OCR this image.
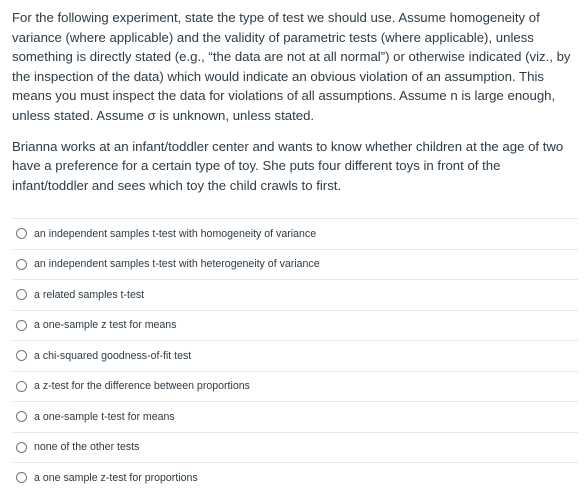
For the following experiment, state the type of test we should use. Assume homogeneity of variance (where applicable) and the validity of parametric tests (where applicable), unless something is directly stated (e.g., “the data are not at all normal”) or otherwise indicated (viz., by the inspection of the data) which would indicate an obvious violation of an assumption. This means you must inspect the data for violations of all assumptions. Assume n is large enough, unless stated. Assume σ is unknown, unless stated.

Brianna works at an infant/toddler center and wants to know whether children at the age of two have a preference for a certain type of toy. She puts four different toys in front of the infant/toddler and sees which toy the child crawls to first.

an independent samples t-test with homogeneity of variance
an independent samples t-test with heterogeneity of variance
a related samples t-test
a one-sample z test for means
a chi-squared goodness-of-fit test
a z-test for the difference between proportions
a one-sample t-test for means
none of the other tests
a one sample z-test for proportions
